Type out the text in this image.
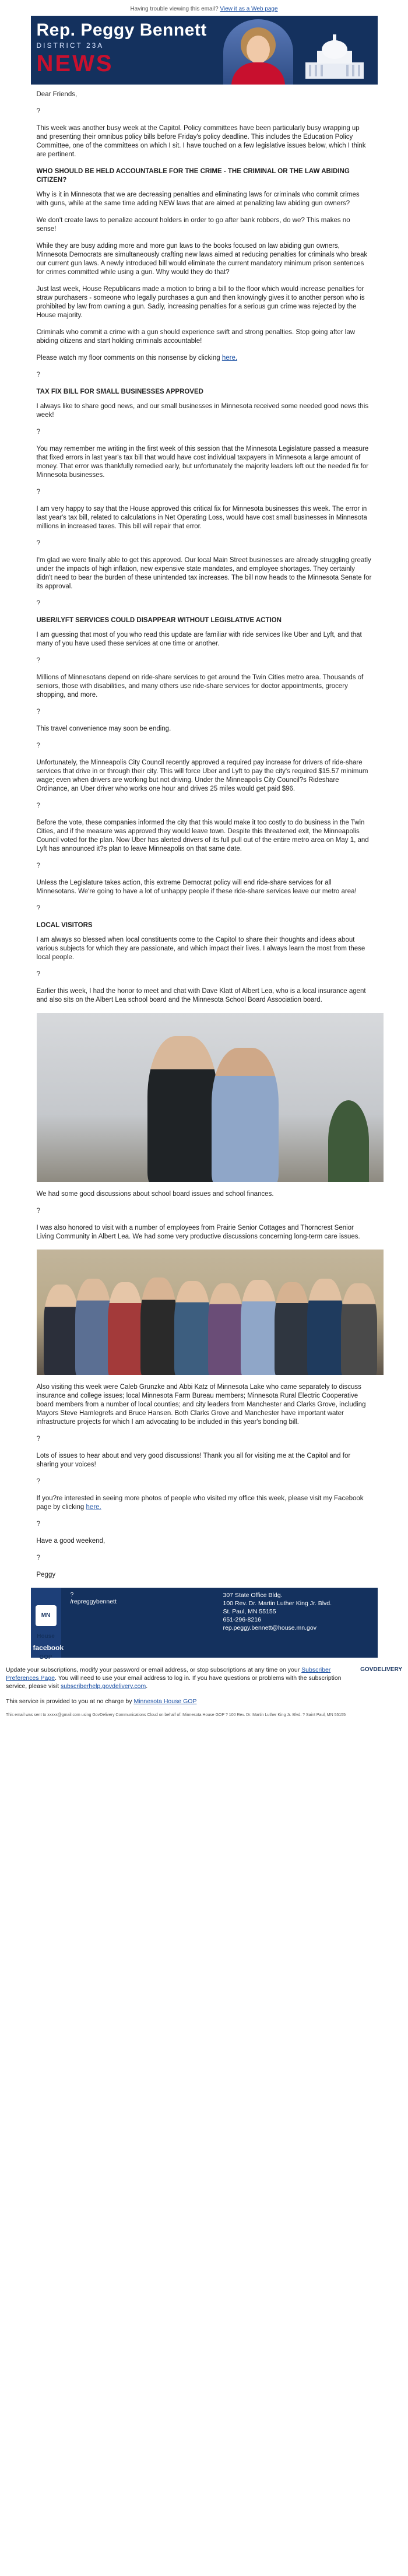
Having trouble viewing this email? View it as a Web page
Rep. Peggy Bennett
DISTRICT 23A
NEWS

Dear Friends,

?

This week was another busy week at the Capitol. Policy committees have been particularly busy wrapping up and presenting their omnibus policy bills before Friday's policy deadline. This includes the Education Policy Committee, one of the committees on which I sit. I have touched on a few legislative issues below, which I think are pertinent.

WHO SHOULD BE HELD ACCOUNTABLE FOR THE CRIME - THE CRIMINAL OR THE LAW ABIDING CITIZEN?

Why is it in Minnesota that we are decreasing penalties and eliminating laws for criminals who commit crimes with guns, while at the same time adding NEW laws that are aimed at penalizing law abiding gun owners?

We don't create laws to penalize account holders in order to go after bank robbers, do we? This makes no sense!

While they are busy adding more and more gun laws to the books focused on law abiding gun owners, Minnesota Democrats are simultaneously crafting new laws aimed at reducing penalties for criminals who break our current gun laws. A newly introduced bill would eliminate the current mandatory minimum prison sentences for crimes committed while using a gun. Why would they do that?

Just last week, House Republicans made a motion to bring a bill to the floor which would increase penalties for straw purchasers - someone who legally purchases a gun and then knowingly gives it to another person who is prohibited by law from owning a gun. Sadly, increasing penalties for a serious gun crime was rejected by the House majority.

Criminals who commit a crime with a gun should experience swift and strong penalties. Stop going after law abiding citizens and start holding criminals accountable!

Please watch my floor comments on this nonsense by clicking here.

?

TAX FIX BILL FOR SMALL BUSINESSES APPROVED

I always like to share good news, and our small businesses in Minnesota received some needed good news this week!

?

You may remember me writing in the first week of this session that the Minnesota Legislature passed a measure that fixed errors in last year's tax bill that would have cost individual taxpayers in Minnesota a large amount of money. That error was thankfully remedied early, but unfortunately the majority leaders left out the needed fix for Minnesota businesses.

?

I am very happy to say that the House approved this critical fix for Minnesota businesses this week. The error in last year's tax bill, related to calculations in Net Operating Loss, would have cost small businesses in Minnesota millions in increased taxes. This bill will repair that error.

?

I'm glad we were finally able to get this approved. Our local Main Street businesses are already struggling greatly under the impacts of high inflation, new expensive state mandates, and employee shortages. They certainly didn't need to bear the burden of these unintended tax increases. The bill now heads to the Minnesota Senate for its approval.

?

UBER/LYFT SERVICES COULD DISAPPEAR WITHOUT LEGISLATIVE ACTION

I am guessing that most of you who read this update are familiar with ride services like Uber and Lyft, and that many of you have used these services at one time or another.

?

Millions of Minnesotans depend on ride-share services to get around the Twin Cities metro area. Thousands of seniors, those with disabilities, and many others use ride-share services for doctor appointments, grocery shopping, and more.

?

This travel convenience may soon be ending.

?

Unfortunately, the Minneapolis City Council recently approved a required pay increase for drivers of ride-share services that drive in or through their city. This will force Uber and Lyft to pay the city's required $15.57 minimum wage; even when drivers are working but not driving. Under the Minneapolis City Council?s Rideshare Ordinance, an Uber driver who works one hour and drives 25 miles would get paid $96.

?

Before the vote, these companies informed the city that this would make it too costly to do business in the Twin Cities, and if the measure was approved they would leave town. Despite this threatened exit, the Minneapolis Council voted for the plan. Now Uber has alerted drivers of its full pull out of the entire metro area on May 1, and Lyft has announced it?s plan to leave Minneapolis on that same date.

?

Unless the Legislature takes action, this extreme Democrat policy will end ride-share services for all Minnesotans. We're going to have a lot of unhappy people if these ride-share services leave our metro area!

?

LOCAL VISITORS

I am always so blessed when local constituents come to the Capitol to share their thoughts and ideas about various subjects for which they are passionate, and which impact their lives. I always learn the most from these local people.

?

Earlier this week, I had the honor to meet and chat with Dave Klatt of Albert Lea, who is a local insurance agent and also sits on the Albert Lea school board and the Minnesota School Board Association board.

We had some good discussions about school board issues and school finances.

?

I was also honored to visit with a number of employees from Prairie Senior Cottages and Thorncrest Senior Living Community in Albert Lea. We had some very productive discussions concerning long-term care issues.

Also visiting this week were Caleb Grunzke and Abbi Katz of Minnesota Lake who came separately to discuss insurance and college issues; local Minnesota Farm Bureau members; Minnesota Rural Electric Cooperative board members from a number of local counties; and city leaders from Manchester and Clarks Grove, including Mayors Steve Hamlegrefs and Bruce Hansen. Both Clarks Grove and Manchester have important water infrastructure projects for which I am advocating to be included in this year's bonding bill.

?

Lots of issues to hear about and very good discussions! Thank you all for visiting me at the Capitol and for sharing your voices!

?

If you?re interested in seeing more photos of people who visited my office this week, please visit my Facebook page by clicking here.

?

Have a good weekend,

?

Peggy

MN House GOP
facebook
?
/repreggybennett
307 State Office Bldg.
100 Rev. Dr. Martin Luther King Jr. Blvd.
St. Paul, MN 55155
651-296-8216
rep.peggy.bennett@house.mn.gov
GOVDELIVERY

Update your subscriptions, modify your password or email address, or stop subscriptions at any time on your Subscriber Preferences Page. You will need to use your email address to log in. If you have questions or problems with the subscription service, please visit subscriberhelp.govdelivery.com.

This service is provided to you at no charge by Minnesota House GOP

This email was sent to xxxxx@gmail.com using GovDelivery Communications Cloud on behalf of: Minnesota House GOP ? 100 Rev. Dr. Martin Luther King Jr. Blvd. ? Saint Paul, MN 55155
